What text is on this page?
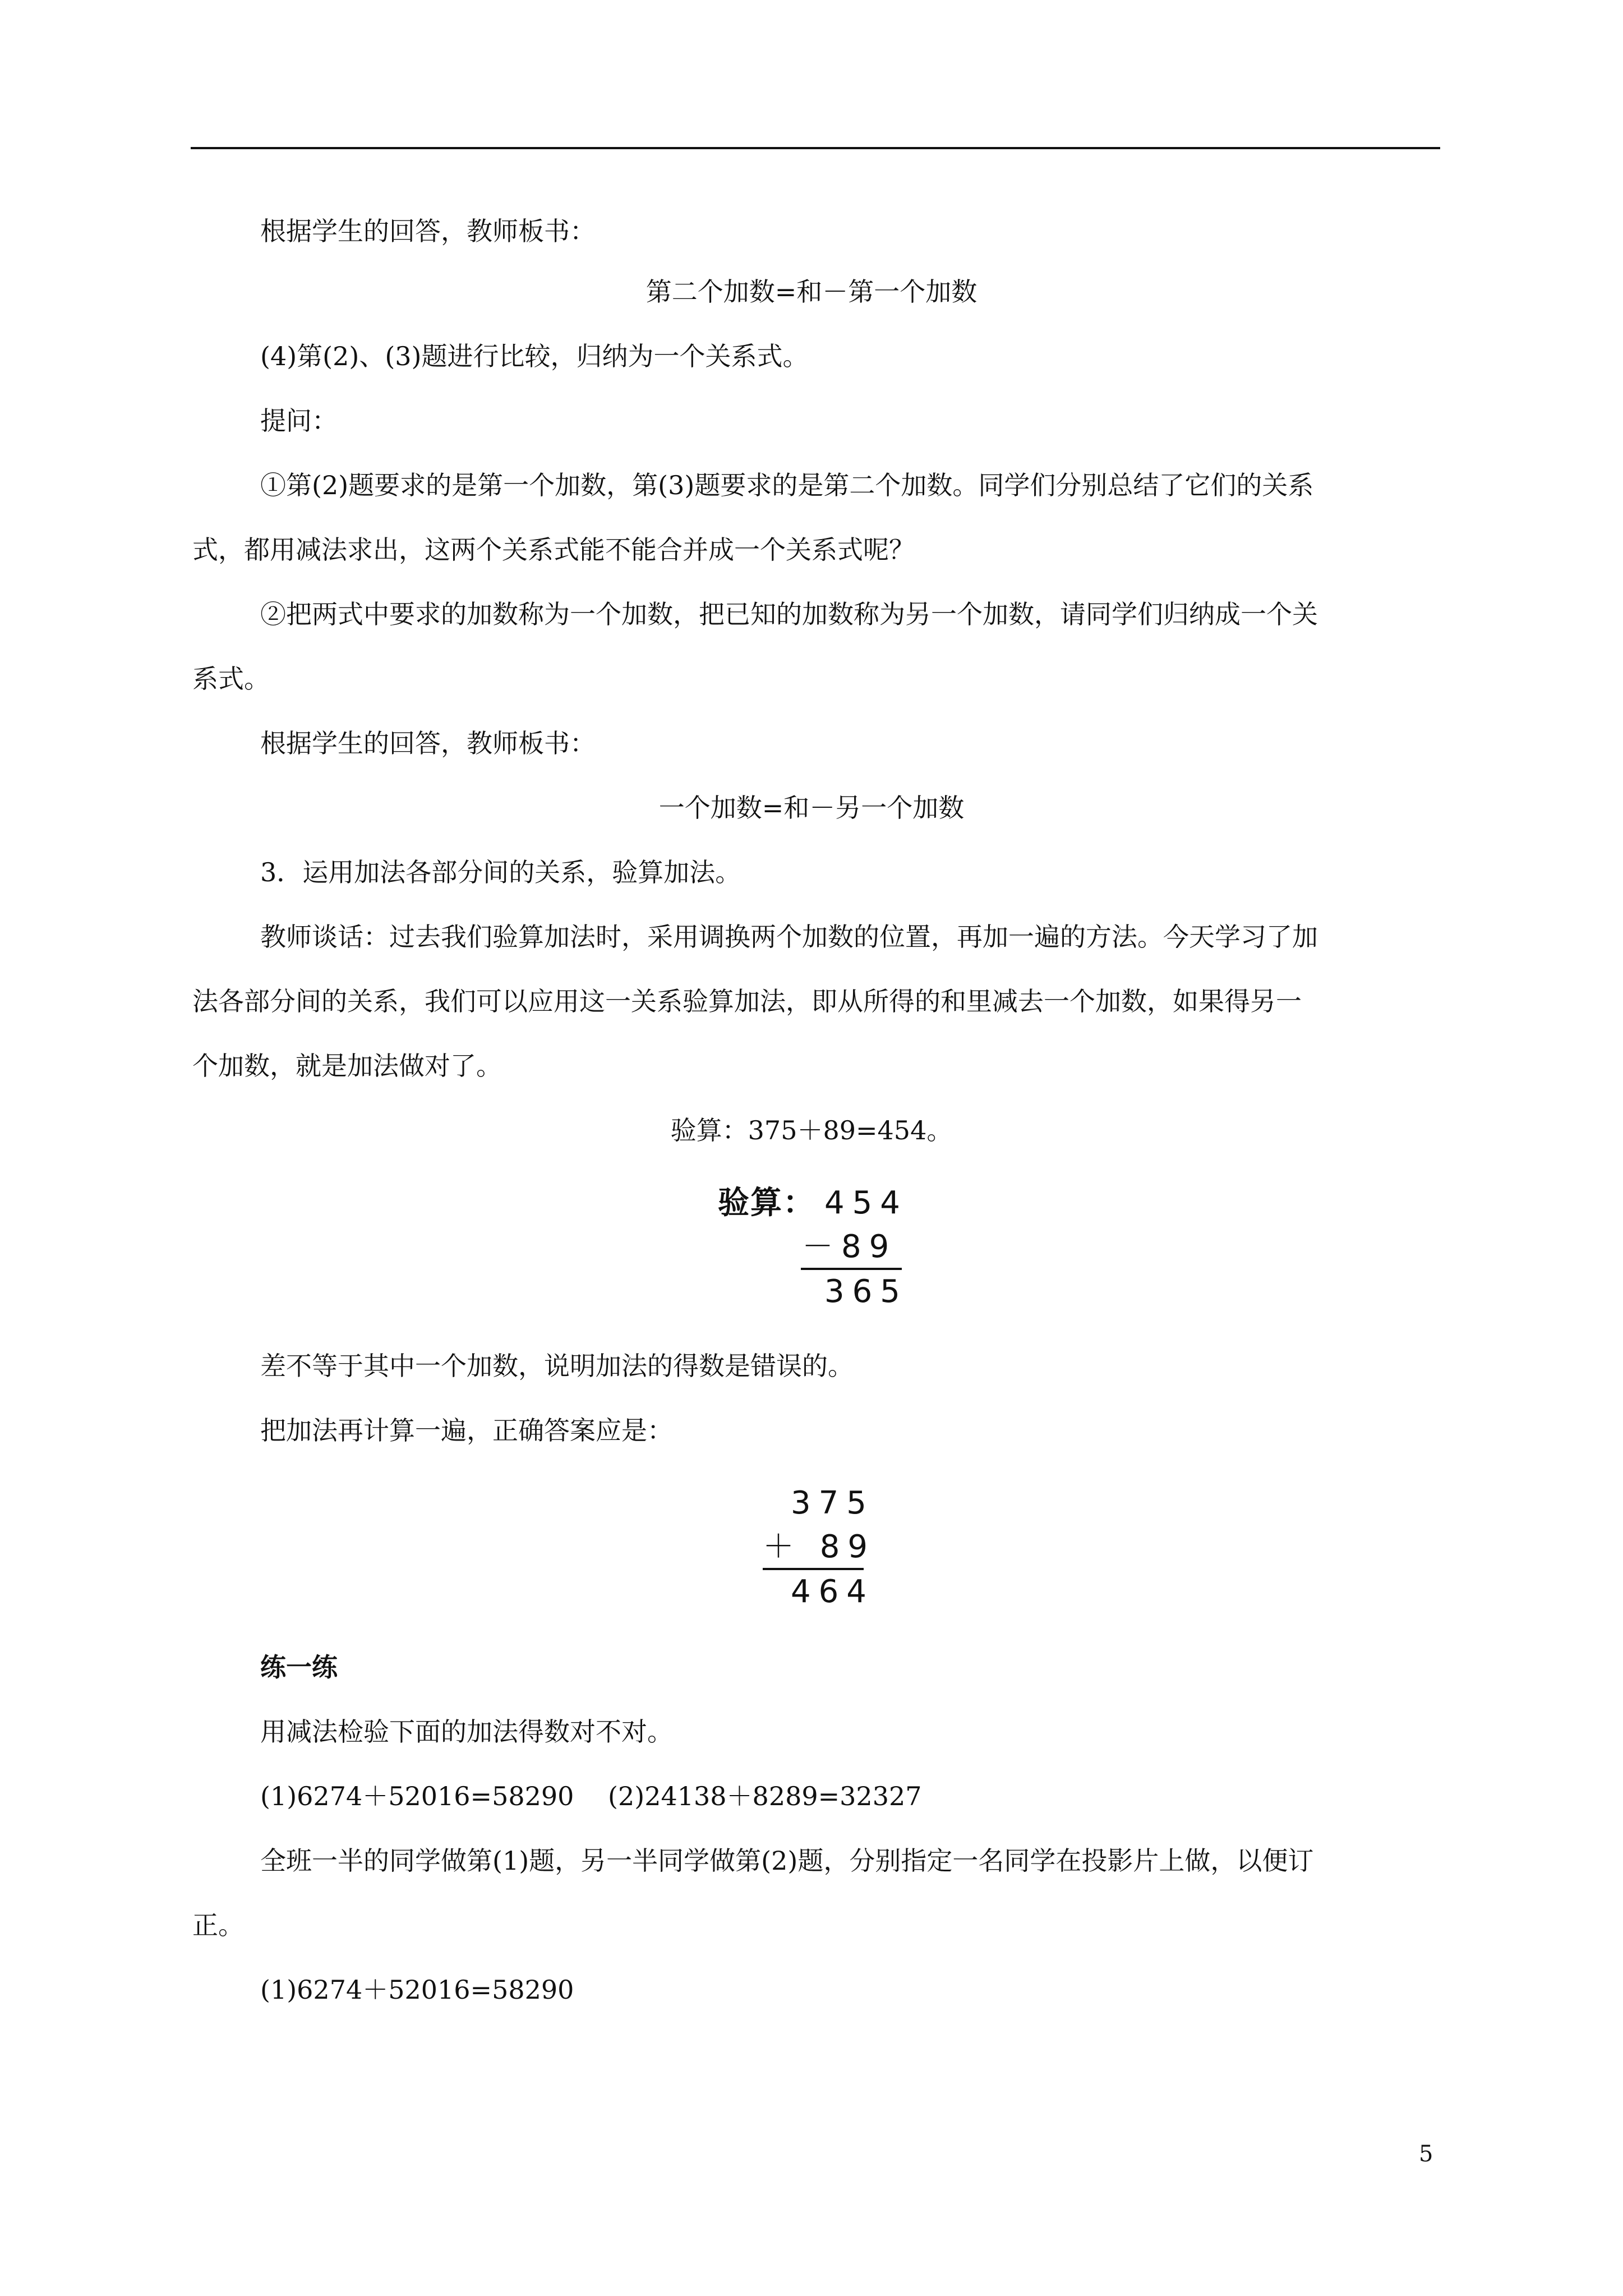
根据学生的回答，教师板书：
第二个加数=和－第一个加数
(4)第(2)、(3)题进行比较，归纳为一个关系式。
提问：
①第(2)题要求的是第一个加数，第(3)题要求的是第二个加数。同学们分别总结了它们的关系
式，都用减法求出，这两个关系式能不能合并成一个关系式呢？
②把两式中要求的加数称为一个加数，把已知的加数称为另一个加数，请同学们归纳成一个关
系式。
根据学生的回答，教师板书：
一个加数=和－另一个加数
3．运用加法各部分间的关系，验算加法。
教师谈话：过去我们验算加法时，采用调换两个加数的位置，再加一遍的方法。今天学习了加
法各部分间的关系，我们可以应用这一关系验算加法，即从所得的和里减去一个加数，如果得另一
个加数，就是加法做对了。
验算：375＋89=454。
验算： 454
－89
365
差不等于其中一个加数，说明加法的得数是错误的。
把加法再计算一遍，正确答案应是：
375
＋ 89
464
练一练
用减法检验下面的加法得数对不对。
(1)6274＋52016=58290　 (2)24138＋8289=32327
全班一半的同学做第(1)题，另一半同学做第(2)题，分别指定一名同学在投影片上做，以便订
正。
(1)6274＋52016=58290
5
